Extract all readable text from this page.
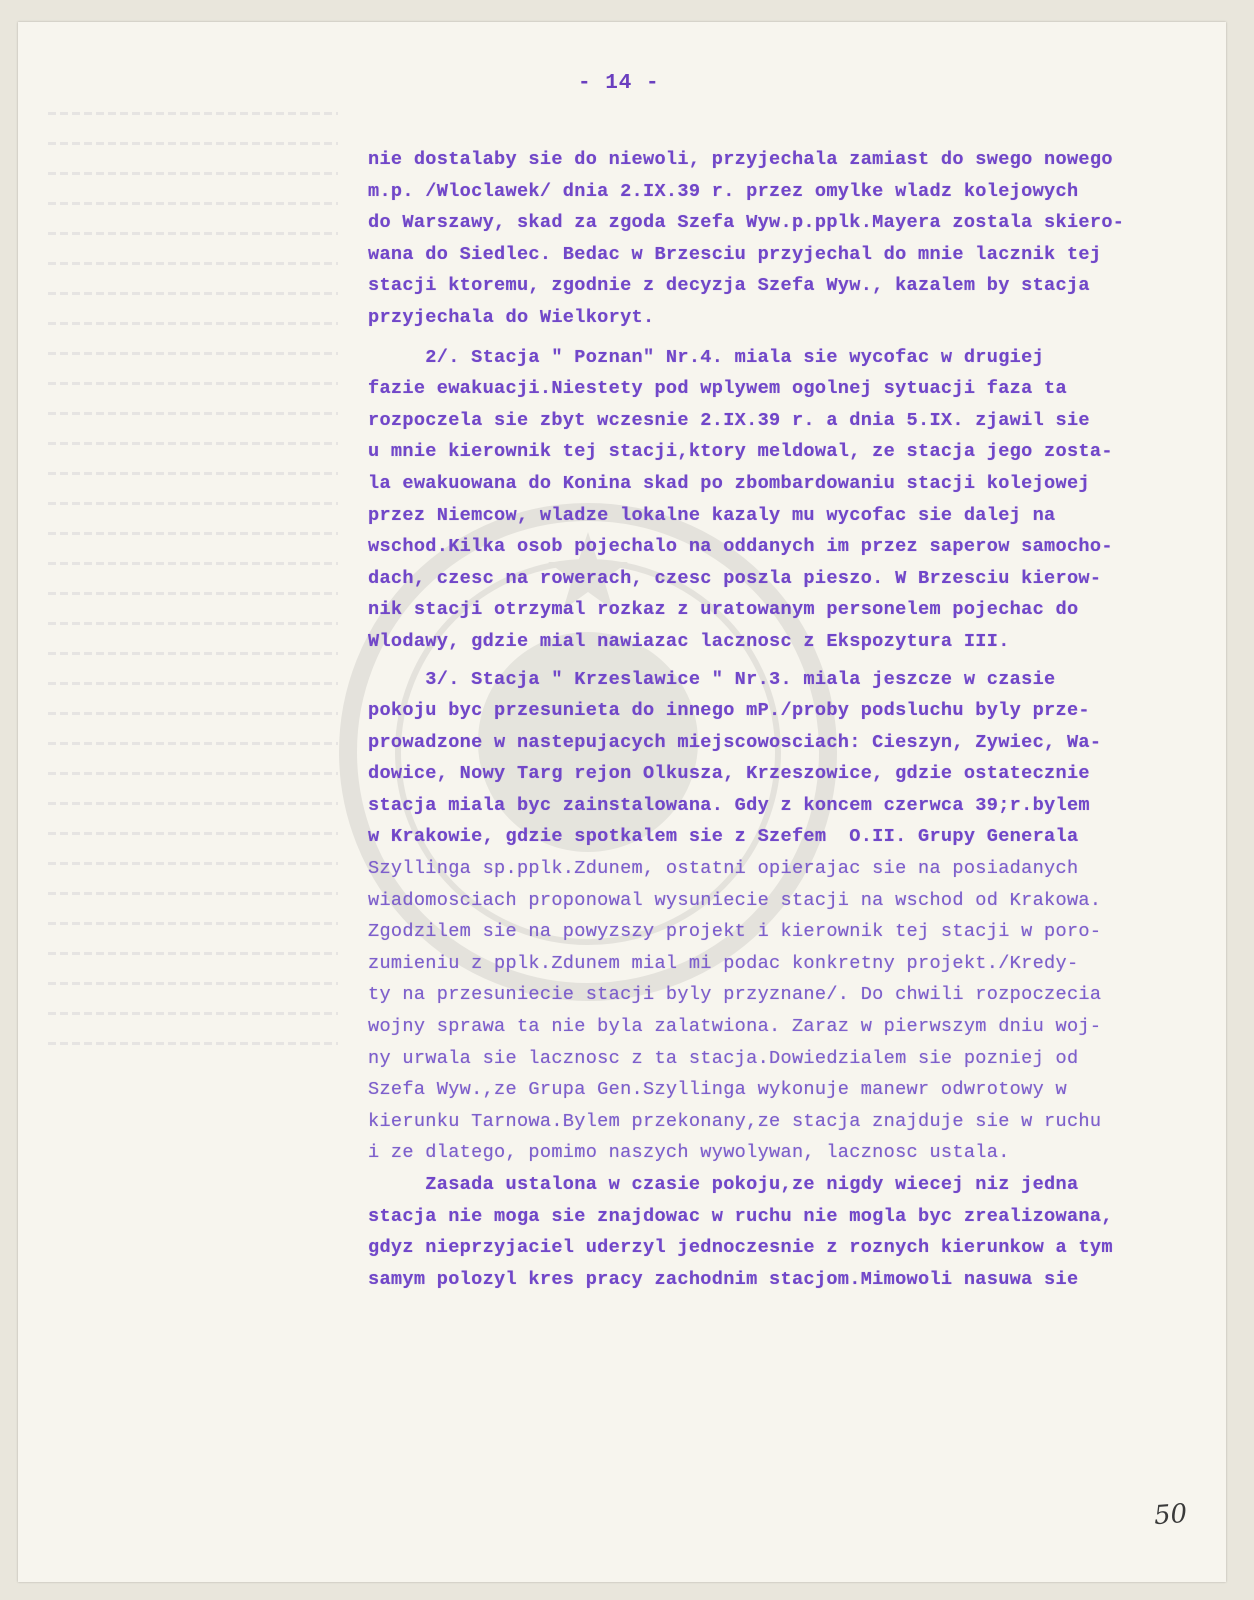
- 14 -
nie dostalaby sie do niewoli, przyjechala zamiast do swego nowego
m.p. /Wloclawek/ dnia 2.IX.39 r. przez omylke wladz kolejowych
do Warszawy, skad za zgoda Szefa Wyw.p.pplk.Mayera zostala skiero-
wana do Siedlec. Bedac w Brzesciu przyjechal do mnie lacznik tej
stacji ktoremu, zgodnie z decyzja Szefa Wyw., kazalem by stacja
przyjechala do Wielkoryt.
2/. Stacja " Poznan" Nr.4. miala sie wycofac w drugiej
fazie ewakuacji.Niestety pod wplywem ogolnej sytuacji faza ta
rozpoczela sie zbyt wczesnie 2.IX.39 r. a dnia 5.IX. zjawil sie
u mnie kierownik tej stacji,ktory meldowal, ze stacja jego zosta-
la ewakuowana do Konina skad po zbombardowaniu stacji kolejowej
przez Niemcow, wladze lokalne kazaly mu wycofac sie dalej na
wschod.Kilka osob pojechalo na oddanych im przez saperow samocho-
dach, czesc na rowerach, czesc poszla pieszo. W Brzesciu kierow-
nik stacji otrzymal rozkaz z uratowanym personelem pojechac do
Wlodawy, gdzie mial nawiazac lacznosc z Ekspozytura III.
3/. Stacja " Krzeslawice " Nr.3. miala jeszcze w czasie
pokoju byc przesunieta do innego mP./proby podsluchu byly prze-
prowadzone w nastepujacych miejscowosciach: Cieszyn, Zywiec, Wa-
dowice, Nowy Targ rejon Olkusza, Krzeszowice, gdzie ostatecznie
stacja miala byc zainstalowana. Gdy z koncem czerwca 39;r.bylem
w Krakowie, gdzie spotkalem sie z Szefem  O.II. Grupy Generala
Szyllinga sp.pplk.Zdunem, ostatni opierajac sie na posiadanych
wiadomosciach proponowal wysuniecie stacji na wschod od Krakowa.
Zgodzilem sie na powyzszy projekt i kierownik tej stacji w poro-
zumieniu z pplk.Zdunem mial mi podac konkretny projekt./Kredy-
ty na przesuniecie stacji byly przyznane/. Do chwili rozpoczecia
wojny sprawa ta nie byla zalatwiona. Zaraz w pierwszym dniu woj-
ny urwala sie lacznosc z ta stacja.Dowiedzialem sie pozniej od
Szefa Wyw.,ze Grupa Gen.Szyllinga wykonuje manewr odwrotowy w
kierunku Tarnowa.Bylem przekonany,ze stacja znajduje sie w ruchu
i ze dlatego, pomimo naszych wywolywan, lacznosc ustala.
Zasada ustalona w czasie pokoju,ze nigdy wiecej niz jedna
stacja nie moga sie znajdowac w ruchu nie mogla byc zrealizowana,
gdyz nieprzyjaciel uderzyl jednoczesnie z roznych kierunkow a tym
samym polozyl kres pracy zachodnim stacjom.Mimowoli nasuwa sie
50
